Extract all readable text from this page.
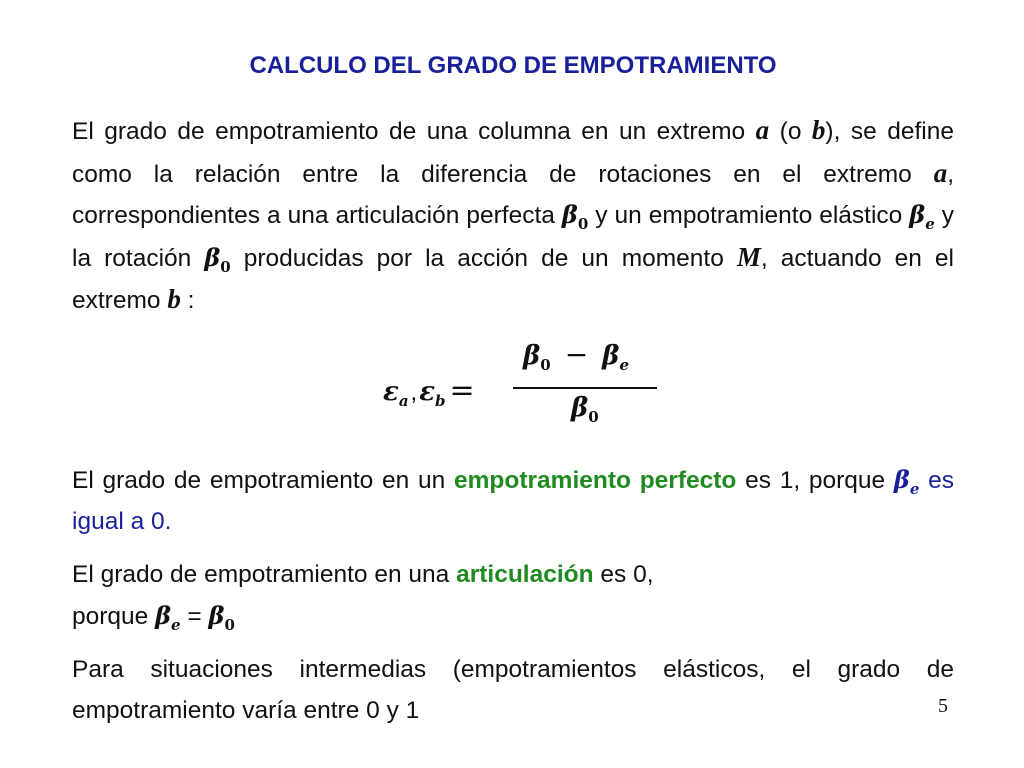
CALCULO DEL GRADO DE EMPOTRAMIENTO
El grado de empotramiento de una columna en un extremo a (o b), se define como la relación entre la diferencia de rotaciones en el extremo a, correspondientes a una articulación perfecta $\beta_0$ y un empotramiento elástico $\beta_e$ y la rotación $\beta_0$ producidas por la acción de un momento M, actuando en el extremo b :
$\varepsilon_a,\varepsilon_b$ =
$\beta_0 - \beta_e$
$\beta_0$
El grado de empotramiento en un empotramiento perfecto es 1, porque $\beta_e$ es igual a 0.
El grado de empotramiento en una articulación es 0,
porque $\beta_e = \beta_0$
Para situaciones intermedias (empotramientos elásticos, el grado de empotramiento varía entre 0 y 1	5
